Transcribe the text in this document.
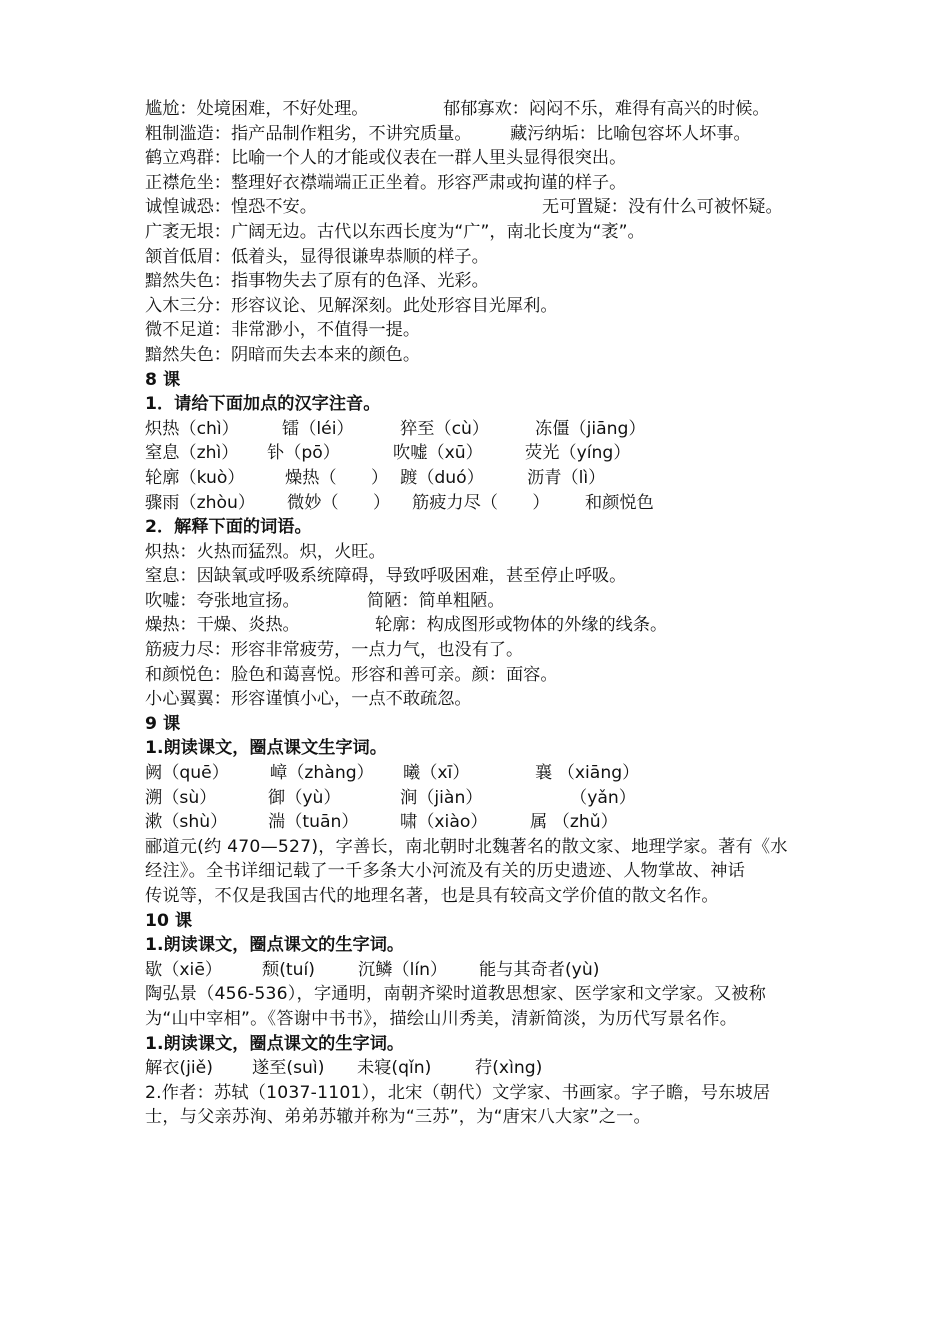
尴尬：处境困难，不好处理。	郁郁寡欢：闷闷不乐，难得有高兴的时候。
粗制滥造：指产品制作粗劣，不讲究质量。 藏污纳垢：比喻包容坏人坏事。
鹤立鸡群：比喻一个人的才能或仪表在一群人里头显得很突出。
正襟危坐：整理好衣襟端端正正坐着。形容严肃或拘谨的样子。
诚惶诚恐：惶恐不安。	无可置疑：没有什么可被怀疑。
广袤无垠：广阔无边。古代以东西长度为“广”，南北长度为“袤”。
颔首低眉：低着头，显得很谦卑恭顺的样子。
黯然失色：指事物失去了原有的色泽、光彩。
入木三分：形容议论、见解深刻。此处形容目光犀利。
微不足道：非常渺小，不值得一提。
黯然失色：阴暗而失去本来的颜色。
8 课
1．请给下面加点的汉字注音。
炽热（chì）	镭（léi）	猝至（cù）	冻僵（jiāng）
窒息（zhì） 钋（pō）	吹嘘（xū） 荧光（yíng）
轮廓（kuò） 燥热（　　） 踱（duó）	沥青（lì）
骤雨（zhòu） 微妙（　　） 筋疲力尽（　　） 和颜悦色
2．解释下面的词语。
炽热：火热而猛烈。炽，火旺。
窒息：因缺氧或呼吸系统障碍，导致呼吸困难，甚至停止呼吸。
吹嘘：夸张地宣扬。	简陋：简单粗陋。
燥热：干燥、炎热。	轮廓：构成图形或物体的外缘的线条。
筋疲力尽：形容非常疲劳，一点力气，也没有了。
和颜悦色：脸色和蔼喜悦。形容和善可亲。颜：面容。
小心翼翼：形容谨慎小心，一点不敢疏忽。
9 课
1.朗读课文，圈点课文生字词。
阙（quē） 嶂（zhàng） 曦（xī）	襄 （xiāng）
溯（sù）	御（yù）	涧（jiàn）	（yǎn）
漱（shù） 湍（tuān） 啸（xiào） 属 （zhǔ）
郦道元(约 470—527)，字善长，南北朝时北魏著名的散文家、地理学家。著有《水
经注》。全书详细记载了一千多条大小河流及有关的历史遗迹、人物掌故、神话
传说等，不仅是我国古代的地理名著，也是具有较高文学价值的散文名作。
10 课
1.朗读课文，圈点课文的生字词。
歇（xiē） 颓(tuí) 沉鳞（lín） 能与其奇者(yù)
陶弘景（456-536），字通明，南朝齐梁时道教思想家、医学家和文学家。又被称
为“山中宰相”。《答谢中书书》，描绘山川秀美，清新简淡，为历代写景名作。
1.朗读课文，圈点课文的生字词。
解衣(jiě) 遂至(suì) 未寝(qǐn)	荇(xìng)
2.作者：苏轼（1037-1101），北宋（朝代）文学家、书画家。字子瞻，号东坡居
士，与父亲苏洵、弟弟苏辙并称为“三苏”，为“唐宋八大家”之一。
